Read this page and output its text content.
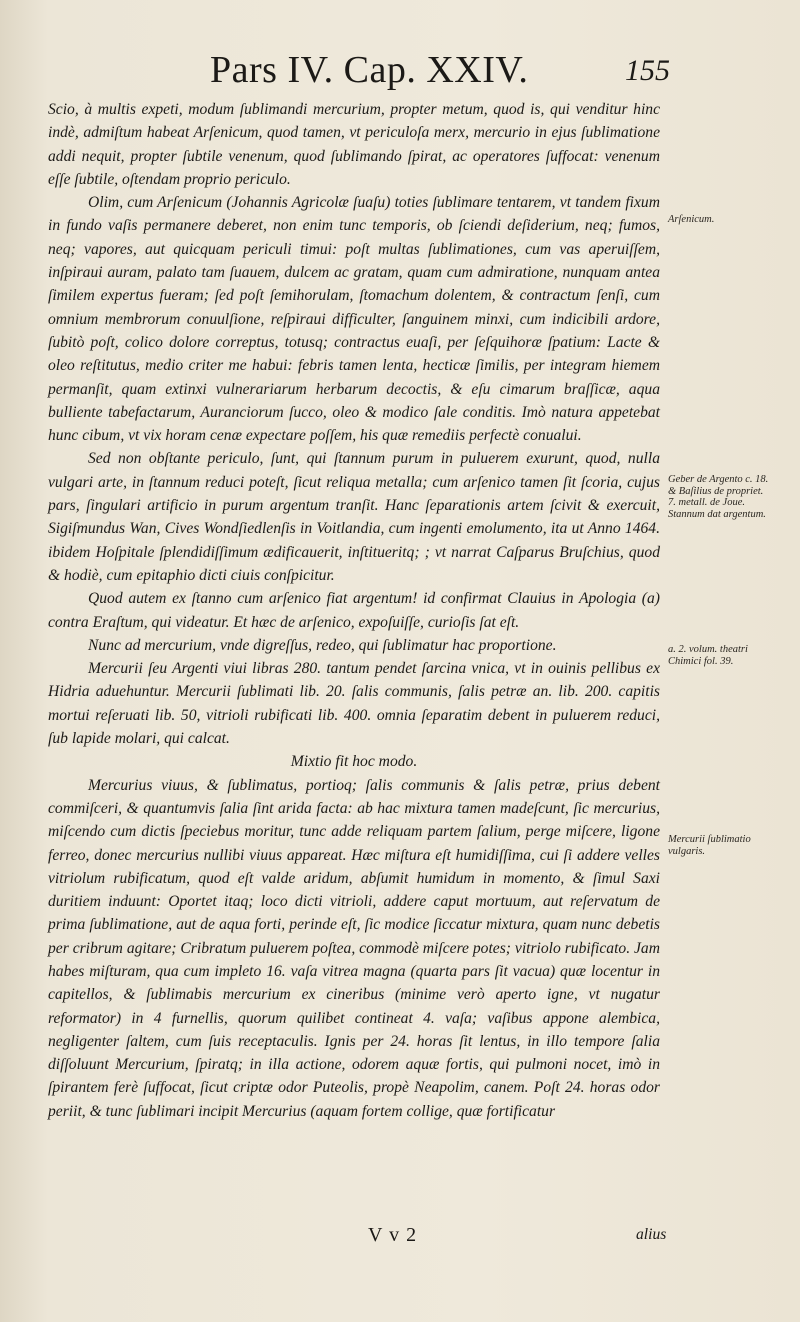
Pars IV. Cap. XXIV.	155

Scio, à multis expeti, modum ſublimandi mercurium, propter metum, quod is, qui venditur hinc indè, admiſtum habeat Arſenicum, quod tamen, vt periculoſa merx, mercurio in ejus ſublimatione addi nequit, propter ſubtile venenum, quod ſublimando ſpirat, ac operatores ſuffocat: venenum eſſe ſubtile, oſtendam proprio periculo.

Olim, cum Arſenicum (Johannis Agricolæ ſuaſu) toties ſublimare tentarem, vt tandem fixum in fundo vaſis permanere deberet, non enim tunc temporis, ob ſciendi deſiderium, neq; fumos, neq; vapores, aut quicquam periculi timui: poſt multas ſublimationes, cum vas aperuiſſem, inſpiraui auram, palato tam ſuauem, dulcem ac gratam, quam cum admiratione, nunquam antea ſimilem expertus fueram; ſed poſt ſemihorulam, ſtomachum dolentem, & contractum ſenſi, cum omnium membrorum conuulſione, reſpiraui difficulter, ſanguinem minxi, cum indicibili ardore, ſubitò poſt, colico dolore correptus, totusq; contractus euaſi, per ſeſquihoræ ſpatium: Lacte & oleo reſtitutus, medio criter me habui: febris tamen lenta, hecticæ ſimilis, per integram hiemem permanſit, quam extinxi vulnerariarum herbarum decoctis, & eſu cimarum braſſicæ, aqua bulliente tabefactarum, Auranciorum ſucco, oleo & modico ſale conditis. Imò natura appetebat hunc cibum, vt vix horam cenæ expectare poſſem, his quæ remediis perfectè conualui.

Sed non obſtante periculo, ſunt, qui ſtannum purum in puluerem exurunt, quod, nulla vulgari arte, in ſtannum reduci poteſt, ſicut reliqua metalla; cum arſenico tamen ſit ſcoria, cujus pars, ſingulari artificio in purum argentum tranſit. Hanc ſeparationis artem ſcivit & exercuit, Sigiſmundus Wan, Cives Wondſiedlenſis in Voitlandia, cum ingenti emolumento, ita ut Anno 1464. ibidem Hoſpitale ſplendidiſſimum ædificauerit, inſtitueritq; ; vt narrat Caſparus Bruſchius, quod & hodiè, cum epitaphio dicti ciuis conſpicitur.

Quod autem ex ſtanno cum arſenico fiat argentum! id confirmat Clauius in Apologia (a) contra Eraſtum, qui videatur. Et hæc de arſenico, expoſuiſſe, curioſis ſat eſt.

Nunc ad mercurium, vnde digreſſus, redeo, qui ſublimatur hac proportione.

Mercurii ſeu Argenti viui libras 280. tantum pendet ſarcina vnica, vt in ouinis pellibus ex Hidria aduehuntur. Mercurii ſublimati lib. 20. ſalis communis, ſalis petræ an. lib. 200. capitis mortui reſeruati lib. 50, vitrioli rubificati lib. 400. omnia ſeparatim debent in puluerem reduci, ſub lapide molari, qui calcat.

Mixtio fit hoc modo.

Mercurius viuus, & ſublimatus, portioq; ſalis communis & ſalis petræ, prius debent commiſceri, & quantumvis ſalia ſint arida facta: ab hac mixtura tamen madeſcunt, ſic mercurius, miſcendo cum dictis ſpeciebus moritur, tunc adde reliquam partem ſalium, perge miſcere, ligone ferreo, donec mercurius nullibi viuus appareat. Hæc miſtura eſt humidiſſima, cui ſi addere velles vitriolum rubificatum, quod eſt valde aridum, abſumit humidum in momento, & ſimul Saxi duritiem induunt: Oportet itaq; loco dicti vitrioli, addere caput mortuum, aut reſervatum de prima ſublimatione, aut de aqua forti, perinde eſt, ſic modice ſiccatur mixtura, quam nunc debetis per cribrum agitare; Cribratum puluerem poſtea, commodè miſcere potes; vitriolo rubificato. Jam habes miſturam, qua cum impleto 16. vaſa vitrea magna (quarta pars ſit vacua) quæ locentur in capitellos, & ſublimabis mercurium ex cineribus (minime verò aperto igne, vt nugatur reformator) in 4 furnellis, quorum quilibet contineat 4. vaſa; vaſibus appone alembica, negligenter ſaltem, cum ſuis receptaculis. Ignis per 24. horas ſit lentus, in illo tempore ſalia diſſoluunt Mercurium, ſpiratq; in illa actione, odorem aquæ fortis, qui pulmoni nocet, imò in ſpirantem ferè ſuffocat, ſicut criptæ odor Puteolis, propè Neapolim, canem. Poſt 24. horas odor periit, & tunc ſublimari incipit Mercurius (aquam fortem collige, quæ fortificatur

Arſenicum.
Geber de Argento c. 18. & Baſilius de propriet. 7. metall. de Joue. Stannum dat argentum.
a. 2. volum. theatri Chimici fol. 39.
Mercurii ſublimatio vulgaris.
V v 2	alius
